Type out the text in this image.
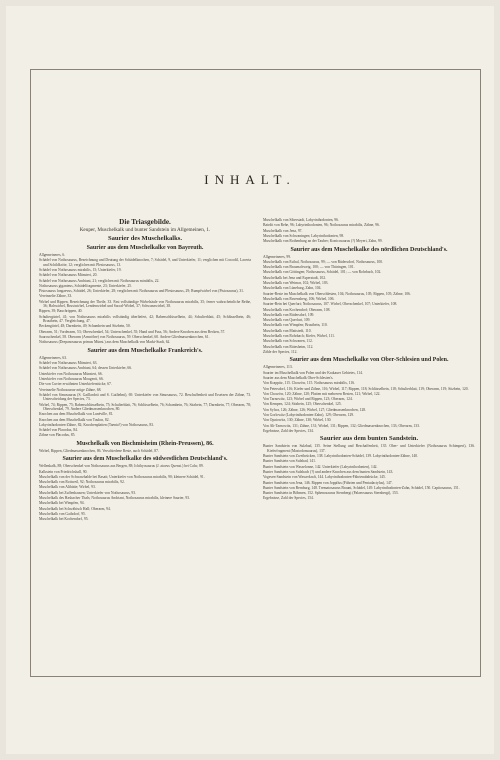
INHALT.
Die Triasgebilde.
Keuper, Muschelkalk und bunter Sandstein im Allgemeinen, 1.
Saurier des Muschelkalks.
Saurier aus dem Muschelkalke von Bayreuth.
Allgemeineres, 6.
Schädel von Nothosaurus, Bezeichnung und Deutung der Schädelknochen, 7; Schädel, 9, und Unterkiefer, 11; verglichen mit Crocodil, Lacerta und Schildkröte, 12; verglichen mit Plesiosaurus, 13.
Schädel von Nothosaurus mirabilis, 15; Unterkiefer, 19.
Schädel von Nothosaurus Münsteri, 20.
Schädel von Nothosaurus Andriani, 21; verglichen mit Nothosaurus mirabilis, 22.
Nothosaurus giganteus, Schädelfragmente, 23; Unterkiefer, 25.
Pistosaurus longaevus, Schädel, 26; Unterkiefer, 28; verglichen mit Nothosaurus und Plesiosaurus, 29; Rumpfwirbel von (Pistosaurus), 31.
Vereinzelte Zähne, 33.
Wirbel und Rippen, Bezeichnung der Theile, 33. Fast vollständige Wirbelsäule von Nothosaurus mirabilis, 35; ferner wahrscheinliche Reihe, 36; Halswirbel, Brustwirbel, Lendenwirbel und Sacral-Wirbel, 37; Schwanzwirbel, 38.
Rippen, 39; Bauchrippen, 40.
Schultergürtel, 41; von Nothosaurus mirabilis vollständig überliefert, 42; Rabenschlüsselbein, 44; Schulterblatt, 45; Schlüsselbein, 46; Brustbein, 47. Vergleichung, 47.
Beckengürtel, 48; Darmbein, 49; Schambein und Sitzbein, 50.
Oberarm, 51; Vorderarm, 53; Oberschenkel, 54; Unterschenkel, 55; Hand und Fuss, 56; Andere Knochen aus dem Becken, 57.
Sauroschenkel, 58. Oberarm (Armröhre) von Nothosaurus, 59. Oberschenkel, 60. Andere Gliedmassenknochen, 61.
Nothosaurus (Drepanosaurus primus Münst.) aus dem Muschelkalk von Markt-Stadt, 62.
Saurier aus dem Muschelkalke Frankreich's.
Allgemeineres, 63.
Schädel von Nothosaurus Münsteri, 63.
Schädel von Nothosaurus Andriani, 64; dessen Unterkiefer, 66.
Unterkiefer von Nothosaurus Münsteri, 66.
Unterkiefer von Nothosaurus Mougeoti, 66.
Die von Cuvier erwähnten Unterkieferstücke, 67.
Vereinzelte Nothosaurus-artige Zähne, 68.
Schädel von Simosaurus (S. Gaillardoti und S. Guilielmi), 69. Unterkiefer von Simosaurus, 72. Beschaffenheit und Ersetzen der Zähne, 73. Unterscheidung der Species, 73.
Wirbel, 74; Rippen, 75; Rabenschlüsselbein, 75; Schulterblatt, 76; Schlüsselbein, 76; Schambein, 76; Sitzbein, 77; Darmbein, 77; Oberarm, 78; Oberschenkel, 79. Andere Gliedmassenknochen, 80.
Knochen aus dem Muschelkalk von Lunéville, 81.
Knochen aus dem Muschelkalk von Toulon, 82.
Labyrinthodonten-Zähne, 82; Knochenplatten (Taenia?) von Nothosaurus, 83.
Schädel von Placodus, 84.
Zähne von Placodus, 85.
Muschelkalk von Bischmisheim (Rhein-Preussen), 86.
Wirbel, Rippen, Gliedmassenknochen, 86. Verschiedene Reste, auch Schädel, 87.
Saurier aus dem Muschelkalke des südwestlichen Deutschland's.
Wellenkalk, 88; Oberschenkel von Nothosaurus aus Bergen, 88; Ichthyosaurus (J. atavus Quenst.) bei Calw, 89.
Kalkstein von Friedrichshall, 90.
Muschelkalk von der Schwarzhalde bei Rasatt; Unterkiefer von Nothosaurus mirabilis, 90; kleinere Schädel, 91.
Muschelkalk von Rottweil, 92; Nothosaurus mirabilis, 92.
Muschelkalk von Althütte; Wirbel, 93.
Muschelkalk bei Zuffenhausen; Unterkiefer von Nothosaurus, 93.
Muschelkalk des Hasbacher Thals; Nothosaurus Andriani, Nothosaurus mirabilis, kleinere Saurier, 93.
Muschelkalk bei Wimpfen, 94.
Muschelkalk bei Schwäbisch Hall; Oberarm, 94.
Muschelkalk von Gailsdorf, 95.
Muschelkalk bei Kochendorf, 95.
Muschelkalk von Siberstadt, Labyrinthodonten, 96.
Bairdit von Rehe, 96; Labyrinthodonten, 96; Nothosaurus mirabilis, Zähne, 96.
Muschelkalk von Jena, 97.
Muschelkalk von Schwaningen; Labyrinthodonten, 98.
Muschelkalk von Rothenburg an der Tauber; Konicosaurus (?) Meyeri, Zahn, 99.
Saurier aus dem Muschelkalke des nördlichen Deutschland's.
Allgemeineres, 99.
Muschelkalk von Esthal, Nothosaurus, 99; — von Rüdersdorf, Nothosaurus, 100.
Muschelkalk von Braunschweig, 100; — von Thüringen, 101.
Muschelkalk von Göttingen; Nothosaurus, Schädel, 101; — von Rohrbach, 102.
Muschelkalk bei Jena und Esperstadt, 102.
Muschelkalk von Weimar, 102; Wirbel, 103.
Muschelkalk von Lüneburg, Zahn, 104.
Saurier-Reste im Muschelkalk von Oberschlesien, 104; Nothosaurus, 105; Rippen, 105; Zähne, 106.
Muschelkalk von Ravensberg, 106; Wirbel, 106.
Saurier-Bein bei Querfurt; Nothosaurus, 107. Wirbel, Oberschenkel, 107; Unterkiefer, 108.
Muschelkalk von Kochendorf; Oberarm, 108.
Muschelkalk von Rüdersdorf, 109.
Muschelkalk von Querfurt, 109.
Muschelkalk von Wimpfen; Brustbein, 110.
Muschelkalk von Mattstedt, 110.
Muschelkalk von Rohrbach; Kiefer, Wirbel, 111.
Muschelkalk von Schwanen, 112.
Muschelkalk von Rütesheim, 112.
Zähle der Species, 112.
Saurier aus dem Muschelkalke von Ober-Schlesien und Polen.
Allgemeineres, 113.
Saurier im Muschelkalk von Polen und der Krakauer Gebietes, 114.
Saurier aus dem Muschelkalk Ober-Schlesien's.
Von Krappitz, 115. Chorzów, 115. Nothosaurus mirabilis, 116.
Von Petersdorf, 116; Kiefer und Zähne, 116; Wirbel, 117; Rippen, 118; Schlüsselbein, 118; Schulterblatt, 119; Oberarm, 119; Sitzbein, 120.
Von Chorzów, 120; Zähne, 120; Platten mit mehreren Resten, 121; Wirbel, 122.
Von Tarnowitz, 123; Wirbel und Rippen, 123; Oberarm, 124.
Von Kempen, 124; Sitzbein, 125; Oberschenkel, 125.
Von Sylwa, 126; Zähne, 126; Wirbel, 127; Gliedmassenknochen, 128.
Von Gorlowitz (Labyrinthodonten-Zahn), 129; Oberarm, 129.
Von Opatowitz, 130; Zähne, 130; Wirbel, 130.
Von Alt-Tarnowitz, 131; Zähne, 131; Wirbel, 131; Rippen, 132; Gliedmassenknochen, 133; Oberarm, 133.
Ergebnisse, Zahl der Species, 134.
Saurier aus dem bunten Sandstein.
Bunter Sandstein von Sulzbad, 135. Seine Stellung und Beschaffenheit, 135. Ober- und Unterkiefer (Nothosaurus Schimperi), 136. Kieferfragment (Mastodonsaurus), 137.
Bunter Sandstein von Zweibrücken, 138. Labyrinthodonten-Schädel, 139. Labyrinthodonten-Zähne, 140.
Bunter Sandstein von Sulzbad, 141.
Bunter Sandstein von Wasselonne, 142. Unterkiefer (Labyrinthodonten), 142.
Bunter Sandstein von Sulzbach (?) und andere Knochen aus dem bunten Sandstein, 143.
Vogesen-Sandstein von Wasserkraft, 144. Labyrinthodonten-Fährtenabdrücke, 145.
Bunter Sandstein von Jena, 146. Rippen von Joppilus (Fährten und Pentadactylus), 147.
Bunter Sandstein von Bernburg, 148. Trematosaurus Brauni, Schädel, 149. Labyrinthodonten-Zahn, Schädel, 150. Capitosaurus, 151.
Bunter Sandstein in Böhmen, 152. Sphenosaurus Sternbergi (Palaeosaurus Sternbergi), 153.
Ergebnisse, Zahl der Species, 154.
